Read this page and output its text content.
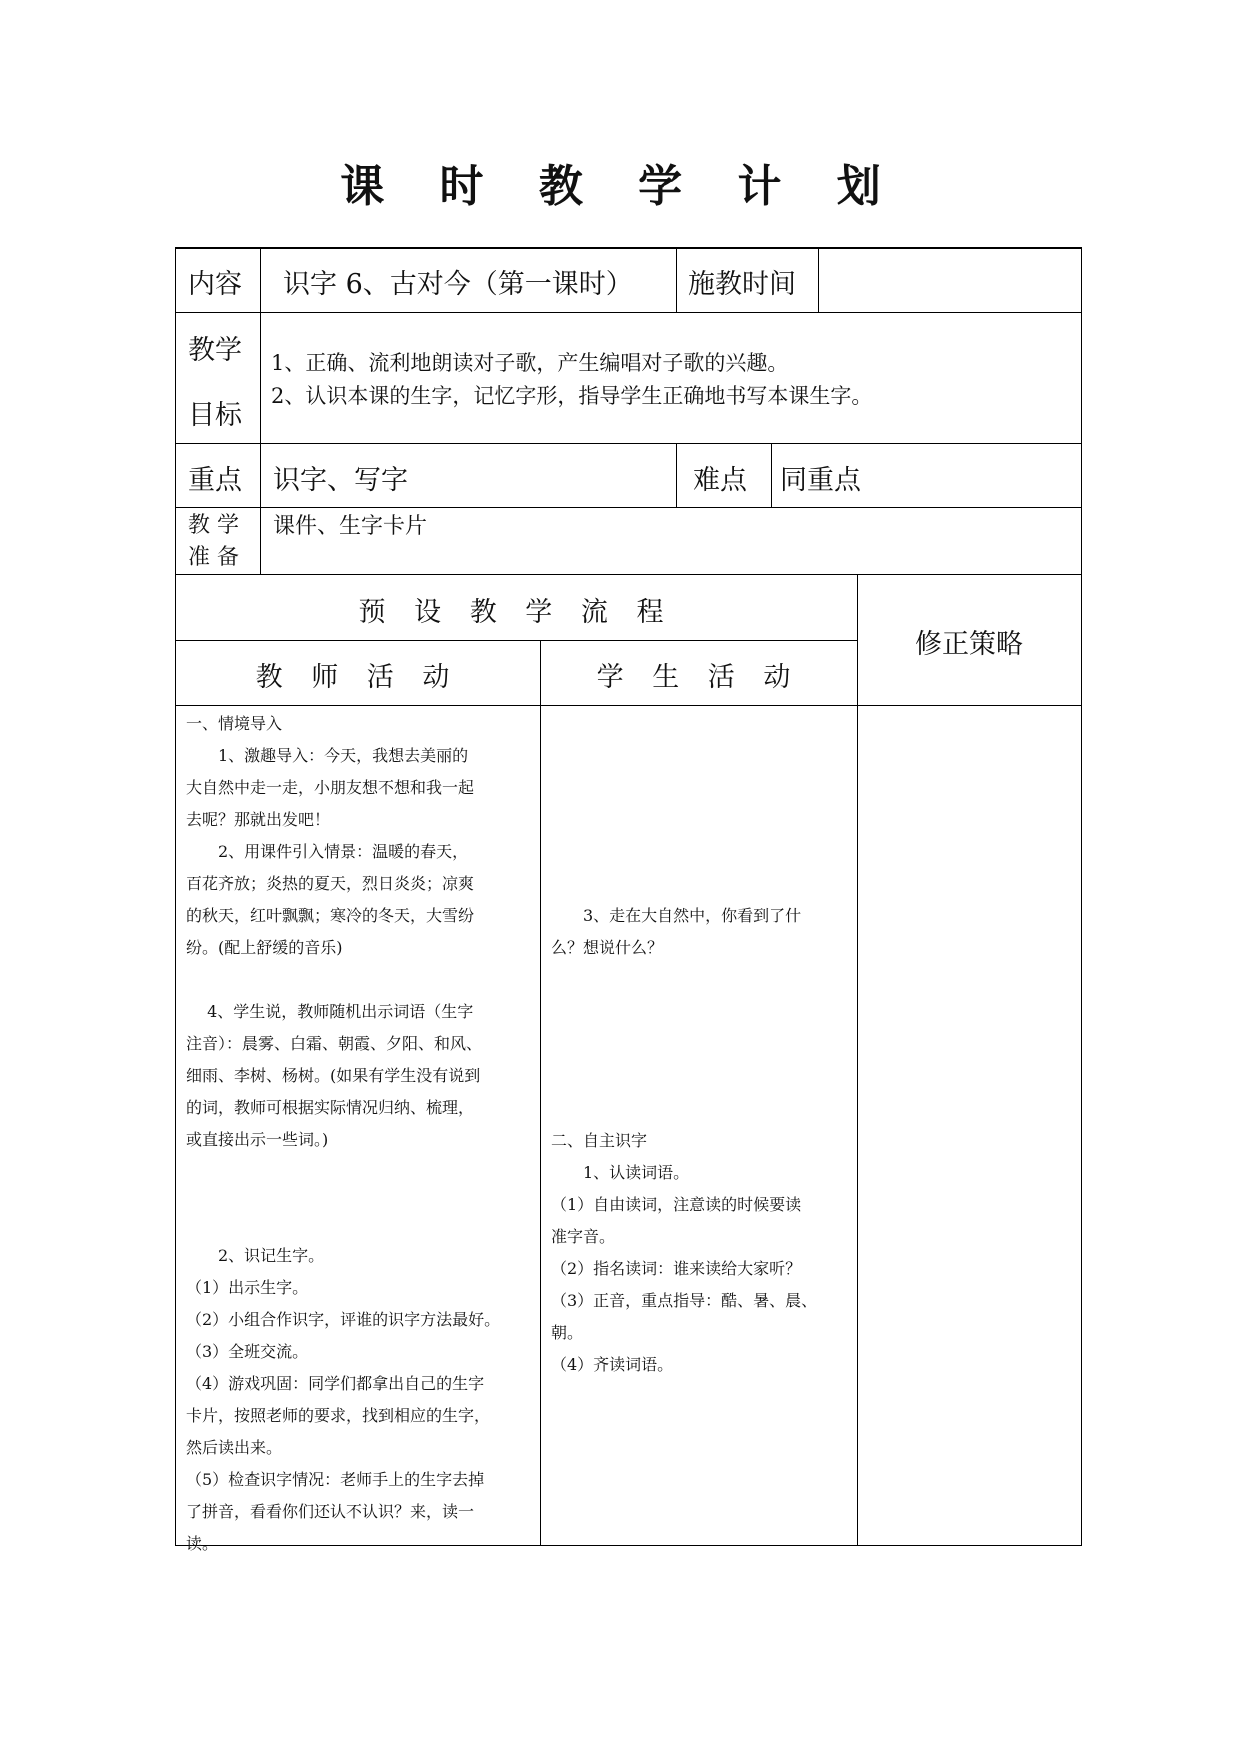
课 时 教 学 计 划
内容 识字 6、古对今（第一课时） 施教时间
教学
目标

1、正确、流利地朗读对子歌，产生编唱对子歌的兴趣。

2、认识本课的生字，记忆字形，指导学生正确地书写本课生字。

重点 识字、写字	难点 同重点

教 学

准 备

课件、生字卡片
预 设 教 学 流 程
修正策略
教 师 活 动	学 生 活 动

一、情境导入

　　1、激趣导入：今天，我想去美丽的

大自然中走一走，小朋友想不想和我一起

去呢？那就出发吧！

　　2、用课件引入情景：温暖的春天，

百花齐放；炎热的夏天，烈日炎炎；凉爽

的秋天，红叶飘飘；寒冷的冬天，大雪纷

纷。(配上舒缓的音乐)

　 4、学生说，教师随机出示词语（生字

注音）：晨雾、白霜、朝霞、夕阳、和风、

细雨、李树、杨树。(如果有学生没有说到

的词，教师可根据实际情况归纳、梳理，

或直接出示一些词。)

　　2、识记生字。

（1）出示生字。

（2）小组合作识字，评谁的识字方法最好。

（3）全班交流。

（4）游戏巩固：同学们都拿出自己的生字

卡片，按照老师的要求，找到相应的生字，

然后读出来。

（5）检查识字情况：老师手上的生字去掉

了拼音，看看你们还认不认识？来，读一

读。

　　3、走在大自然中，你看到了什

么？想说什么？

二、自主识字

　　1、认读词语。

（1）自由读词，注意读的时候要读

准字音。

（2）指名读词：谁来读给大家听？

（3）正音，重点指导：酷、暑、晨、

朝。

（4）齐读词语。
